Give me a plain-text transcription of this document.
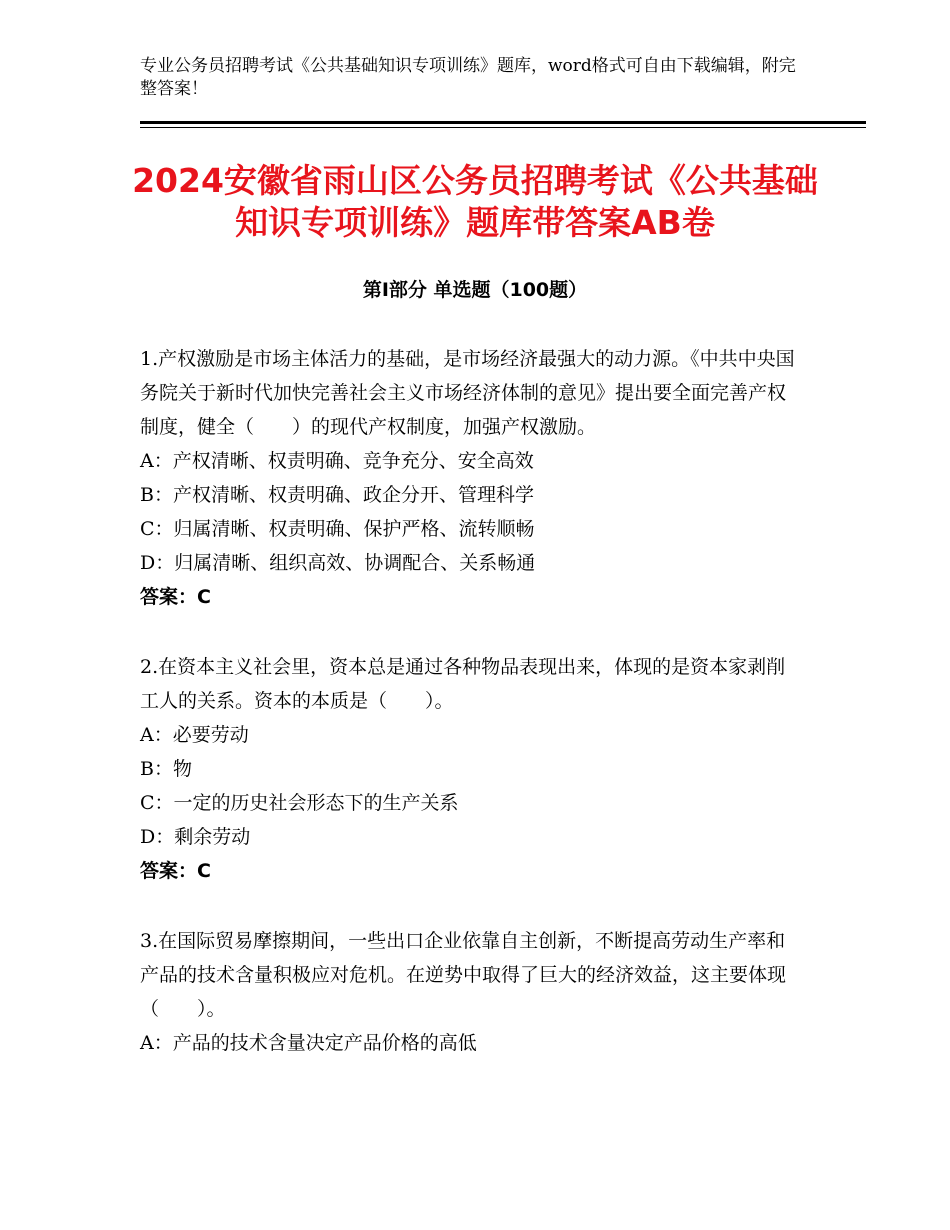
专业公务员招聘考试《公共基础知识专项训练》题库，word格式可自由下载编辑，附完整答案！
2024安徽省雨山区公务员招聘考试《公共基础知识专项训练》题库带答案AB卷
第Ⅰ部分 单选题（100题）
1.产权激励是市场主体活力的基础，是市场经济最强大的动力源。《中共中央国务院关于新时代加快完善社会主义市场经济体制的意见》提出要全面完善产权制度，健全（　　）的现代产权制度，加强产权激励。
A：产权清晰、权责明确、竞争充分、安全高效
B：产权清晰、权责明确、政企分开、管理科学
C：归属清晰、权责明确、保护严格、流转顺畅
D：归属清晰、组织高效、协调配合、关系畅通
答案：C
2.在资本主义社会里，资本总是通过各种物品表现出来，体现的是资本家剥削工人的关系。资本的本质是（　　）。
A：必要劳动
B：物
C：一定的历史社会形态下的生产关系
D：剩余劳动
答案：C
3.在国际贸易摩擦期间，一些出口企业依靠自主创新，不断提高劳动生产率和产品的技术含量积极应对危机。在逆势中取得了巨大的经济效益，这主要体现（　　）。
A：产品的技术含量决定产品价格的高低
